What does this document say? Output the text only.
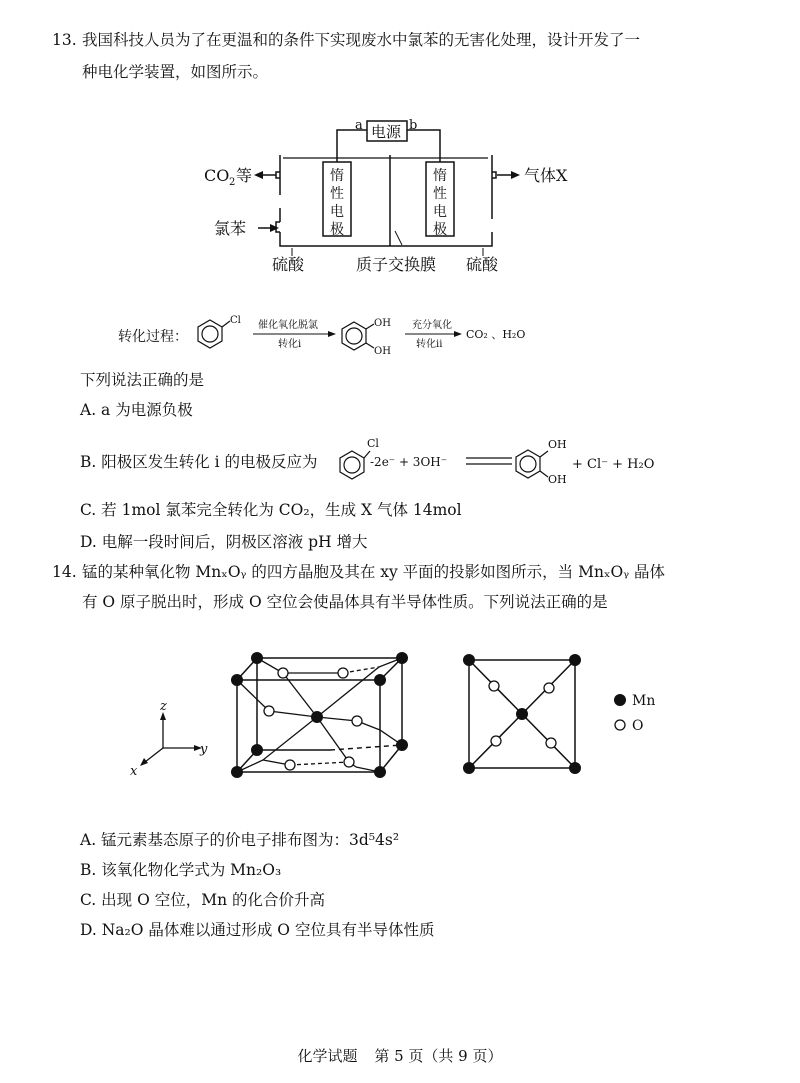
13. 我国科技人员为了在更温和的条件下实现废水中氯苯的无害化处理，设计开发了一
种电化学装置，如图所示。
电源
a	b
惰
性
电
极
惰
性
电
极
CO 2 等
氯苯
气体X
硫酸	质子交换膜 硫酸
转化过程：
Cl 催化氧化脱氯
转化i
OH
OH
充分氧化
转化ii
CO₂ 、H₂O
Cl
-2e⁻ + 3OH⁻
OH
OH
+ Cl⁻ + H₂O
下列说法正确的是
A. a 为电源负极
B. 阳极区发生转化 i 的电极反应为
C. 若 1mol 氯苯完全转化为 CO₂，生成 X 气体 14mol
D. 电解一段时间后，阴极区溶液 pH 增大
14. 锰的某种氧化物 MnₓOᵧ 的四方晶胞及其在 xy 平面的投影如图所示，当 MnₓOᵧ 晶体
有 O 原子脱出时，形成 O 空位会使晶体具有半导体性质。下列说法正确的是
z
y
x
Mn
O
A. 锰元素基态原子的价电子排布图为：3d⁵4s²
B. 该氧化物化学式为 Mn₂O₃
C. 出现 O 空位，Mn 的化合价升高
D. Na₂O 晶体难以通过形成 O 空位具有半导体性质
化学试题 第 5 页（共 9 页）
